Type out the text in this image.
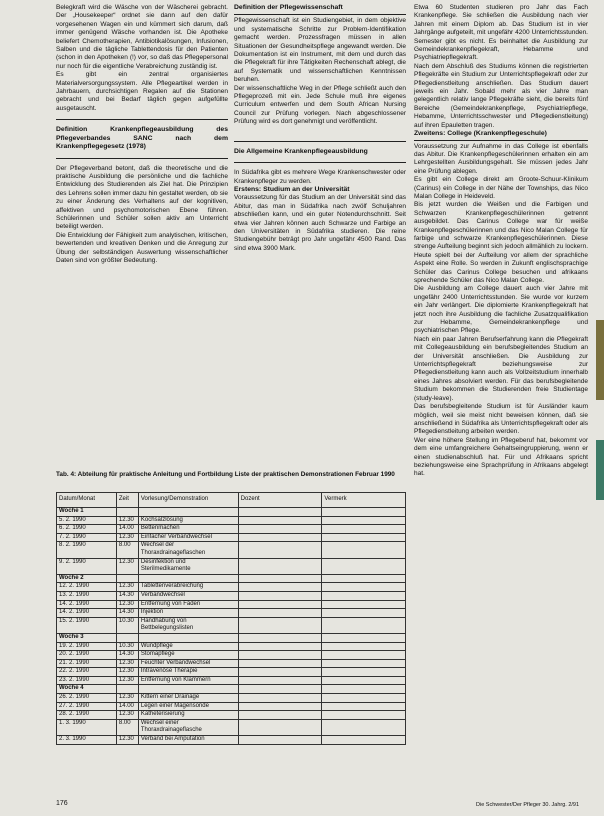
Belegkraft wird die Wäsche von der Wäscherei gebracht. Der „Housekeeper“ ordnet sie dann auf den dafür vorgesehenen Wagen ein und kümmert sich darum, daß immer genügend Wäsche vorhanden ist. Die Apotheke beliefert Chemotherapien, Antibiotikalösungen, Infusionen, Salben und die tägliche Tablettendosis für den Patienten (schon in den Apotheken (!) vor, so daß das Pflegepersonal nur noch für die eigentliche Verabreichung zuständig ist.

Es gibt ein zentral organisiertes Materialversorgungssystem. Alle Pflegeartikel werden in Jahrbauern, durchsichtigen Regalen auf die Stationen gebracht und bei Bedarf täglich gegen aufgefüllte ausgetauscht.

Definition Krankenpflegeausbildung des Pflegeverbandes SANC nach dem Krankenpflegegesetz (1978)

Der Pflegeverband betont, daß die theoretische und die praktische Ausbildung die persönliche und die fachliche Entwicklung des Studierenden als Ziel hat. Die Prinzipien des Lehrens sollen immer dazu hin gestaltet werden, ob sie zu einer Änderung des Verhaltens auf der kognitiven, affektiven und psychomotorischen Ebene führen. Schülerinnen und Schüler sollen aktiv am Unterricht beteiligt werden.

Die Entwicklung der Fähigkeit zum analytischen, kritischen, bewertenden und kreativen Denken und die Anregung zur Übung der selbständigen Auswertung wissenschaftlicher Daten sind von größter Bedeutung.

Definition der Pflegewissenschaft

Pflegewissenschaft ist ein Studiengebiet, in dem objektive und systematische Schritte zur Problem-Identifikation gemacht werden. Prozessfragen müssen in allen Situationen der Gesundheitspflege angewandt werden. Die Dokumentation ist ein Instrument, mit dem und durch das die Pflegekraft für ihre Tätigkeiten Rechenschaft ablegt, die auf Systematik und wissenschaftlichen Kenntnissen beruhen.

Der wissenschaftliche Weg in der Pflege schließt auch den Pflegeprozeß mit ein. Jede Schule muß ihre eigenes Curriculum entwerfen und dem South African Nursing Council zur Prüfung vorlegen. Nach abgeschlossener Prüfung wird es dort genehmigt und veröffentlicht.

Die Allgemeine Krankenpflegeausbildung

In Südafrika gibt es mehrere Wege Krankenschwester oder Krankenpfleger zu werden.

Erstens: Studium an der Universität

Voraussetzung für das Studium an der Universität sind das Abitur, das man in Südafrika nach zwölf Schuljahren abschließen kann, und ein guter Notendurchschnitt. Seit etwa vier Jahren können auch Schwarze und Farbige an den Universitäten in Südafrika studieren. Die reine Studiengebühr beträgt pro Jahr ungefähr 4500 Rand. Das sind etwa 3900 Mark.

Etwa 60 Studenten studieren pro Jahr das Fach Krankenpflege. Sie schließen die Ausbildung nach vier Jahren mit einem Diplom ab. Das Studium ist in vier Jahrgänge aufgeteilt, mit ungefähr 4200 Unterrichtsstunden. Semester gibt es nicht. Es beinhaltet die Ausbildung zur Gemeindekrankenpflegekraft, Hebamme und Psychiatriepflegekraft.

Nach dem Abschluß des Studiums können die registrierten Pflegekräfte ein Studium zur Unterrichtspflegekraft oder zur Pflegedienstleitung anschließen. Das Studium dauert jeweils ein Jahr. Sobald mehr als vier Jahre man gelegentlich relativ lange Pflegekräfte sieht, die bereits fünf Bereiche (Gemeindekrankenpflege, Psychiatriepflege, Hebamme, Unterrichtsschwester und Pflegedienstleitung) auf ihren Epauletten tragen.

Zweitens: College (Krankenpflegeschule)

Voraussetzung zur Aufnahme in das College ist ebenfalls das Abitur. Die Krankenpflegeschülerinnen erhalten ein am Lehrgestellten Ausbildungsgehalt. Sie müssen jedes Jahr eine Prüfung ablegen.

Es gibt ein College direkt am Groote-Schuur-Klinikum (Carinus) ein College in der Nähe der Townships, das Nico Malan College in Heideveld.

Bis jetzt wurden die Weißen und die Farbigen und Schwarzen Krankenpflegeschülerinnen getrennt ausgebildet. Das Carinus College war für weiße Krankenpflegeschülerinnen und das Nico Malan College für farbige und schwarze Krankenpflegeschülerinnen. Diese strenge Aufteilung beginnt sich jedoch allmählich zu lockern. Heute spielt bei der Aufteilung vor allem der sprachliche Aspekt eine Rolle. So werden in Zukunft englischsprachige Schüler das Carinus College besuchen und afrikaans sprechende Schüler das Nico Malan College.

Die Ausbildung am College dauert auch vier Jahre mit ungefähr 2400 Unterrichtsstunden. Sie wurde vor kurzem ein Jahr verlängert. Die diplomierte Krankenpflegekraft hat jetzt noch ihre Ausbildung die fachliche Zusatzqualifikation zur Hebamme, Gemeindekrankenpflege und psychiatrischen Pflege.

Nach ein paar Jahren Berufserfahrung kann die Pflegekraft mit Collegeausbildung ein berufsbegleitendes Studium an der Universität anschließen. Die Ausbildung zur Unterrichtspflegekraft beziehungsweise zur Pflegedienstleitung kann auch als Vollzeitstudium innerhalb eines Jahres absolviert werden. Für das berufsbegleitende Studium bekommen die Studierenden freie Studientage (study-leave).

Das berufsbegleitende Studium ist für Ausländer kaum möglich, weil sie meist nicht beweisen können, daß sie anschließend in Südafrika als Unterrichtspflegekraft oder als Pflegedienstleitung arbeiten werden.

Wer eine höhere Stellung im Pflegeberuf hat, bekommt vor dem eine umfangreichere Gehaltseingruppierung, wenn er einen studienabschluß hat. Für und Afrikaans spricht beziehungsweise eine Sprachprüfung in Afrikaans abgelegt hat.

Tab. 4: Abteilung für praktische Anleitung und Fortbildung Liste der praktischen Demonstrationen Februar 1990
Datum/Monat	Zeit	Vorlesung/Demonstration	Dozent	Vermerk
Woche 1				
5. 2. 1990	12.30	Kochsalzlösung		
6. 2. 1990	14.00	Bettenmachen		
7. 2. 1990	12.30	Einfacher Verbandwechsel		
8. 2. 1990	8.00	Wechsel der Thoraxdrainageflaschen		
9. 2. 1990	12.30	Desinfektion und Sterilmedikamente		
Woche 2				
12. 2. 1990	12.30	Tablettenverabreichung		
13. 2. 1990	14.30	Verbandwechsel		
14. 2. 1990	12.30	Entfernung von Fäden		
14. 2. 1990	14.30	Injektion		
15. 2. 1990	10.30	Handhabung von Bettbelegungslisten		
Woche 3				
19. 2. 1990	10.30	Wundpflege		
20. 2. 1990	14.30	Stomapflege		
21. 2. 1990	12.30	Feuchter Verbandwechsel		
22. 2. 1990	12.30	Intravenöse Therapie		
23. 2. 1990	12.30	Entfernung von Klammern		
Woche 4				
26. 2. 1990	12.30	Kittern einer Drainage		
27. 2. 1990	14.00	Legen einer Magensonde		
28. 2. 1990	12.30	Katheterisierung		
1. 3. 1990	8.00	Wechsel einer Thoraxdrainageflasche		
2. 3. 1990	12.30	Verband bei Amputation		
176	Die Schwester/Der Pfleger 30. Jahrg. 2/91
